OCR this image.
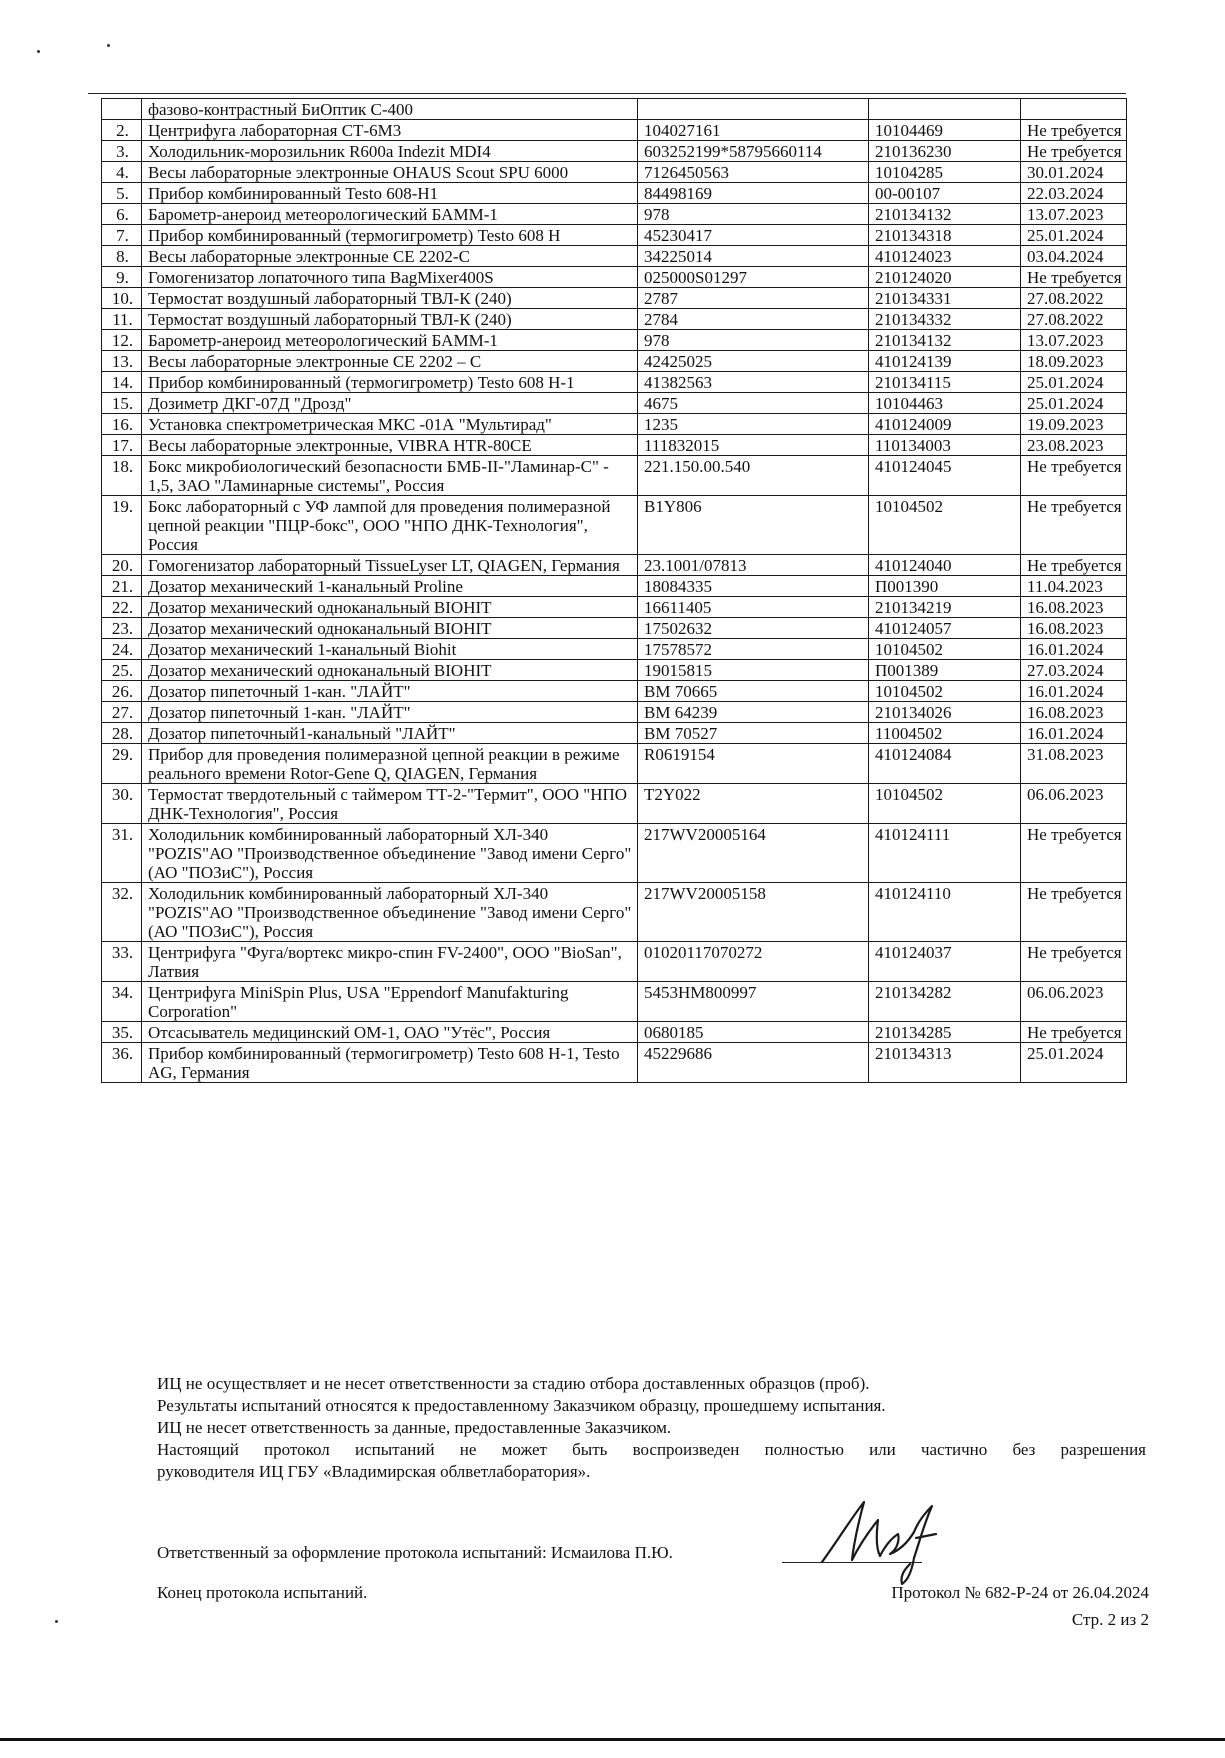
	фазово-контрастный БиОптик С-400			
2.	Центрифуга лабораторная СТ-6М3	104027161	10104469	Не требуется
3.	Холодильник-морозильник R600a Indezit MDI4	603252199*58795660114	210136230	Не требуется
4.	Весы лабораторные электронные OHAUS Scout SPU 6000	7126450563	10104285	30.01.2024
5.	Прибор комбинированный Testo 608-Н1	84498169	00-00107	22.03.2024
6.	Барометр-анероид метеорологический БАММ-1	978	210134132	13.07.2023
7.	Прибор комбинированный (термогигрометр) Testo 608 Н	45230417	210134318	25.01.2024
8.	Весы лабораторные электронные СЕ 2202-С	34225014	410124023	03.04.2024
9.	Гомогенизатор лопаточного типа BagMixer400S	025000S01297	210124020	Не требуется
10.	Термостат воздушный лабораторный ТВЛ-К (240)	2787	210134331	27.08.2022
11.	Термостат воздушный лабораторный ТВЛ-К (240)	2784	210134332	27.08.2022
12.	Барометр-анероид метеорологический БАММ-1	978	210134132	13.07.2023
13.	Весы лабораторные электронные СЕ 2202 – С	42425025	410124139	18.09.2023
14.	Прибор комбинированный (термогигрометр) Testo 608 Н-1	41382563	210134115	25.01.2024
15.	Дозиметр ДКГ-07Д "Дрозд"	4675	10104463	25.01.2024
16.	Установка спектрометрическая МКС -01А "Мультирад"	1235	410124009	19.09.2023
17.	Весы лабораторные электронные, VIBRA HTR-80CE	111832015	110134003	23.08.2023
18.	Бокс микробиологический безопасности БМБ-II-"Ламинар-С" - 1,5, ЗАО "Ламинарные системы", Россия	221.150.00.540	410124045	Не требуется
19.	Бокс лабораторный с УФ лампой для проведения полимеразной цепной реакции "ПЦР-бокс", ООО "НПО ДНК-Технология", Россия	B1Y806	10104502	Не требуется
20.	Гомогенизатор лабораторный TissueLyser LT, QIAGEN, Германия	23.1001/07813	410124040	Не требуется
21.	Дозатор механический 1-канальный Proline	18084335	П001390	11.04.2023
22.	Дозатор механический одноканальный BIOHIT	16611405	210134219	16.08.2023
23.	Дозатор механический одноканальный BIOHIT	17502632	410124057	16.08.2023
24.	Дозатор механический 1-канальный Biohit	17578572	10104502	16.01.2024
25.	Дозатор механический одноканальный BIOHIT	19015815	П001389	27.03.2024
26.	Дозатор пипеточный 1-кан. "ЛАЙТ"	ВМ 70665	10104502	16.01.2024
27.	Дозатор пипеточный 1-кан. "ЛАЙТ"	ВМ 64239	210134026	16.08.2023
28.	Дозатор пипеточный1-канальный "ЛАЙТ"	ВМ 70527	11004502	16.01.2024
29.	Прибор для проведения полимеразной цепной реакции в режиме реального времени Rotor-Gene Q, QIAGEN, Германия	R0619154	410124084	31.08.2023
30.	Термостат твердотельный с таймером ТТ-2-"Термит", ООО "НПО ДНК-Технология", Россия	T2Y022	10104502	06.06.2023
31.	Холодильник комбинированный лабораторный ХЛ-340 "POZIS"АО "Производственное объединение "Завод имени Серго" (АО "ПОЗиС"), Россия	217WV20005164	410124111	Не требуется
32.	Холодильник комбинированный лабораторный ХЛ-340 "POZIS"АО "Производственное объединение "Завод имени Серго" (АО "ПОЗиС"), Россия	217WV20005158	410124110	Не требуется
33.	Центрифуга "Фуга/вортекс микро-спин FV-2400", ООО "BioSan", Латвия	01020117070272	410124037	Не требуется
34.	Центрифуга MiniSpin Plus, USA "Eppendorf Manufakturing Corporation"	5453HM800997	210134282	06.06.2023
35.	Отсасыватель медицинский ОМ-1, ОАО "Утёс", Россия	0680185	210134285	Не требуется
36.	Прибор комбинированный (термогигрометр) Testo 608 Н-1, Testo AG, Германия	45229686	210134313	25.01.2024

ИЦ не осуществляет и не несет ответственности за стадию отбора доставленных образцов (проб).

Результаты испытаний относятся к предоставленному Заказчиком образцу, прошедшему испытания.

ИЦ не несет ответственность за данные, предоставленные Заказчиком.

Настоящий протокол испытаний не может быть воспроизведен полностью или частично без разрешения

руководителя ИЦ ГБУ «Владимирская облветлаборатория».

Ответственный за оформление протокола испытаний: Исмаилова П.Ю.
Конец протокола испытаний.	Протокол № 682-Р-24 от 26.04.2024
Стр. 2 из 2
